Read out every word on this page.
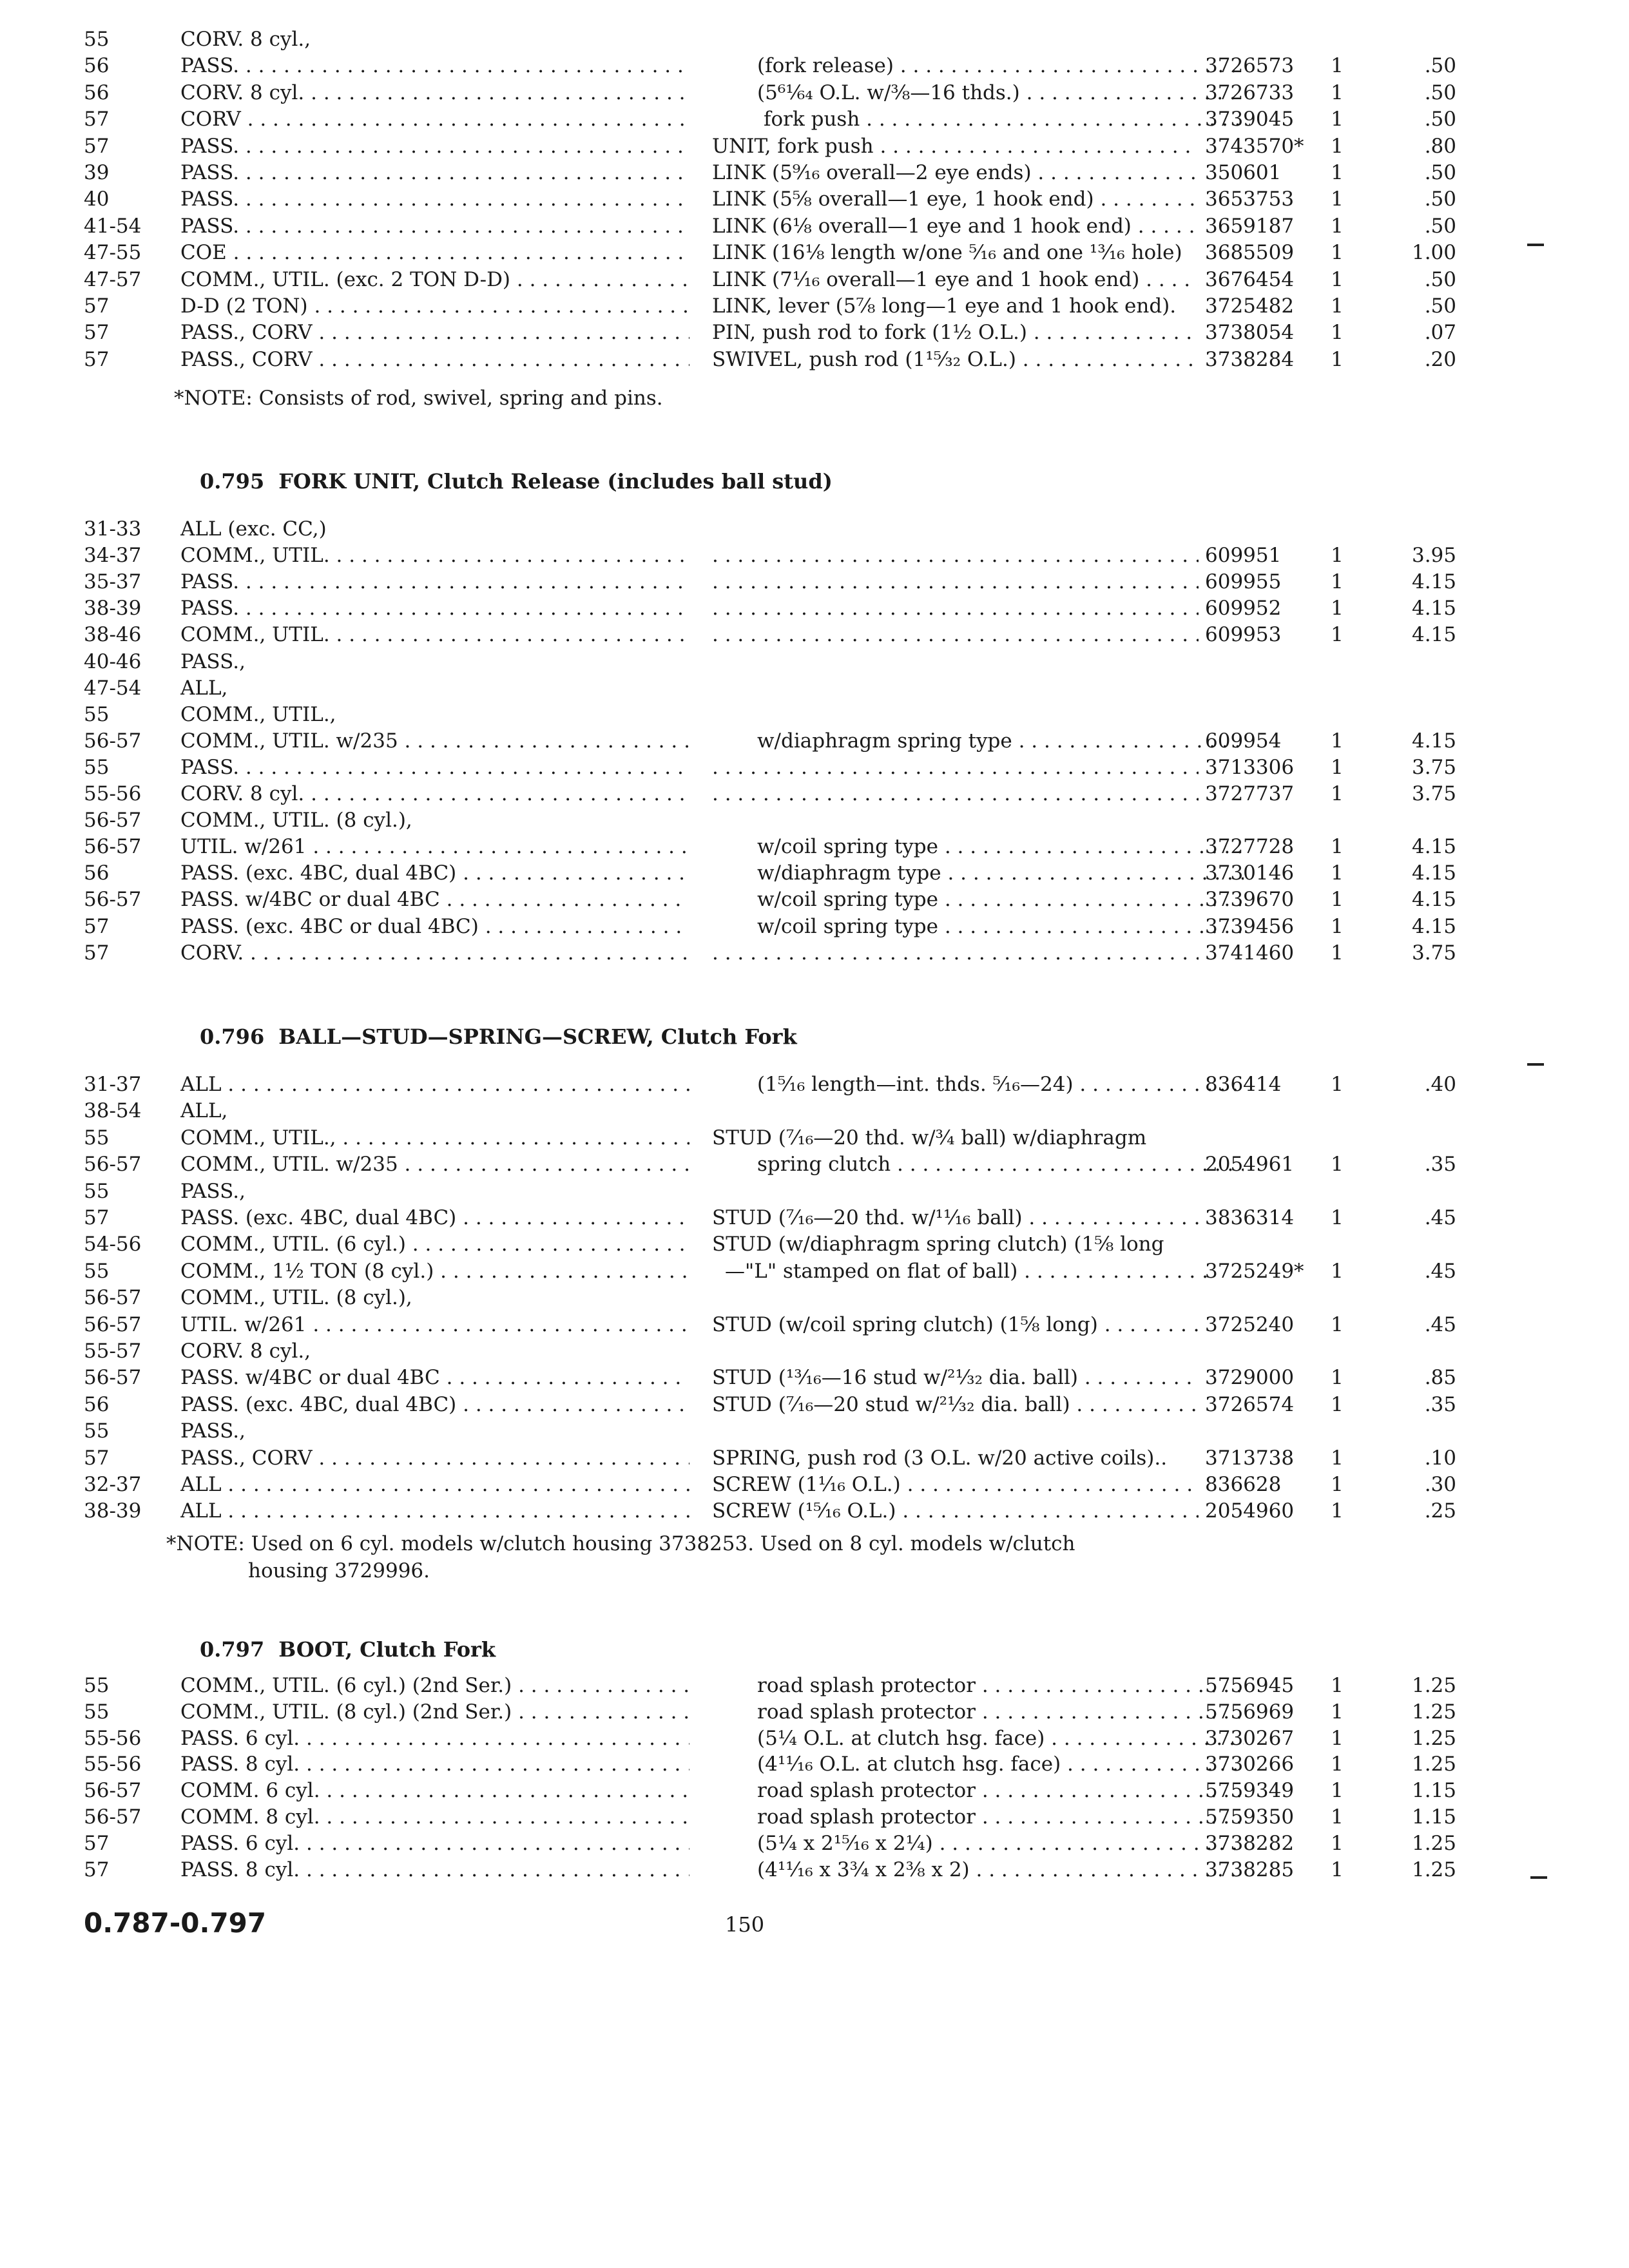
55	CORV. 8 cyl.,
56	PASS. . . .	(fork release) . . .	3726573	1	.50
56	CORV. 8 cyl. . . .	(5⁶¹⁄₆₄ O.L. w/⅜—16 thds.) . . .	3726733	1	.50
57	CORV . . .	fork push . . .	3739045	1	.50
57	PASS. . . .	UNIT, fork push . . .	3743570*	1	.80
39	PASS. . . .	LINK (5⁹⁄₁₆ overall—2 eye ends) . . .	350601	1	.50
40	PASS. . . .	LINK (5⅝ overall—1 eye, 1 hook end) . . .	3653753	1	.50
41-54	PASS. . . .	LINK (6⅛ overall—1 eye and 1 hook end) . . .	3659187	1	.50
47-55	COE . . .	LINK (16⅛ length w/one ⁵⁄₁₆ and one ¹³⁄₁₆ hole)	3685509	1	1.00
47-57	COMM., UTIL. (exc. 2 TON D-D) . . .	LINK (7¹⁄₁₆ overall—1 eye and 1 hook end) . . .	3676454	1	.50
57	D-D (2 TON) . . .	LINK, lever (5⅞ long—1 eye and 1 hook end).	3725482	1	.50
57	PASS., CORV . . .	PIN, push rod to fork (1½ O.L.) . . .	3738054	1	.07
57	PASS., CORV . . .	SWIVEL, push rod (1¹⁵⁄₃₂ O.L.) . . .	3738284	1	.20
*NOTE: Consists of rod, swivel, spring and pins.
0.795 FORK UNIT, Clutch Release (includes ball stud)
31-33	ALL (exc. CC,)
34-37	COMM., UTIL. . . . . . .	609951	1	3.95
35-37	PASS. . . . . . .	609955	1	4.15
38-39	PASS. . . . . . .	609952	1	4.15
38-46	COMM., UTIL. . . . . . .	609953	1	4.15
40-46	PASS.,
47-54	ALL,
55	COMM., UTIL.,
56-57	COMM., UTIL. w/235 . . .	w/diaphragm spring type . . .	609954	1	4.15
55	PASS. . . . . . .	3713306	1	3.75
55-56	CORV. 8 cyl. . . . . . .	3727737	1	3.75
56-57	COMM., UTIL. (8 cyl.),
56-57	UTIL. w/261 . . .	w/coil spring type . . .	3727728	1	4.15
56	PASS. (exc. 4BC, dual 4BC) . . .	w/diaphragm type . . .	3730146	1	4.15
56-57	PASS. w/4BC or dual 4BC . . .	w/coil spring type . . .	3739670	1	4.15
57	PASS. (exc. 4BC or dual 4BC) . . .	w/coil spring type . . .	3739456	1	4.15
57	CORV. . . . . . .	3741460	1	3.75
0.796 BALL—STUD—SPRING—SCREW, Clutch Fork
31-37	ALL . . .	(1⁵⁄₁₆ length—int. thds. ⁵⁄₁₆—24) . . .	836414	1	.40
38-54	ALL,
55	COMM., UTIL., . . .	STUD (⁷⁄₁₆—20 thd. w/¾ ball) w/diaphragm
56-57	COMM., UTIL. w/235 . . .	spring clutch . . .	2054961	1	.35
55	PASS.,
57	PASS. (exc. 4BC, dual 4BC) . . .	STUD (⁷⁄₁₆—20 thd. w/¹¹⁄₁₆ ball) . . .	3836314	1	.45
54-56	COMM., UTIL. (6 cyl.) . . .	STUD (w/diaphragm spring clutch) (1⅝ long
55	COMM., 1½ TON (8 cyl.) . . .	—"L" stamped on flat of ball) . . .	3725249*	1	.45
56-57	COMM., UTIL. (8 cyl.),
56-57	UTIL. w/261 . . .	STUD (w/coil spring clutch) (1⅝ long) . . .	3725240	1	.45
55-57	CORV. 8 cyl.,
56-57	PASS. w/4BC or dual 4BC . . .	STUD (¹³⁄₁₆—16 stud w/²¹⁄₃₂ dia. ball) . . .	3729000	1	.85
56	PASS. (exc. 4BC, dual 4BC) . . .	STUD (⁷⁄₁₆—20 stud w/²¹⁄₃₂ dia. ball) . . .	3726574	1	.35
55	PASS.,
57	PASS., CORV . . .	SPRING, push rod (3 O.L. w/20 active coils)..	3713738	1	.10
32-37	ALL . . .	SCREW (1¹⁄₁₆ O.L.) . . .	836628	1	.30
38-39	ALL . . .	SCREW (¹⁵⁄₁₆ O.L.) . . .	2054960	1	.25
*NOTE: Used on 6 cyl. models w/clutch housing 3738253. Used on 8 cyl. models w/clutch
housing 3729996.
0.797 BOOT, Clutch Fork
55	COMM., UTIL. (6 cyl.) (2nd Ser.) . . .	road splash protector . . .	5756945	1	1.25
55	COMM., UTIL. (8 cyl.) (2nd Ser.) . . .	road splash protector . . .	5756969	1	1.25
55-56	PASS. 6 cyl. . . .	(5¼ O.L. at clutch hsg. face) . . .	3730267	1	1.25
55-56	PASS. 8 cyl. . . .	(4¹¹⁄₁₆ O.L. at clutch hsg. face) . . .	3730266	1	1.25
56-57	COMM. 6 cyl. . . .	road splash protector . . .	5759349	1	1.15
56-57	COMM. 8 cyl. . . .	road splash protector . . .	5759350	1	1.15
57	PASS. 6 cyl. . . .	(5¼ x 2¹⁵⁄₁₆ x 2¼) . . .	3738282	1	1.25
57	PASS. 8 cyl. . . .	(4¹¹⁄₁₆ x 3¾ x 2⅜ x 2) . . .	3738285	1	1.25
0.787-0.797	150
